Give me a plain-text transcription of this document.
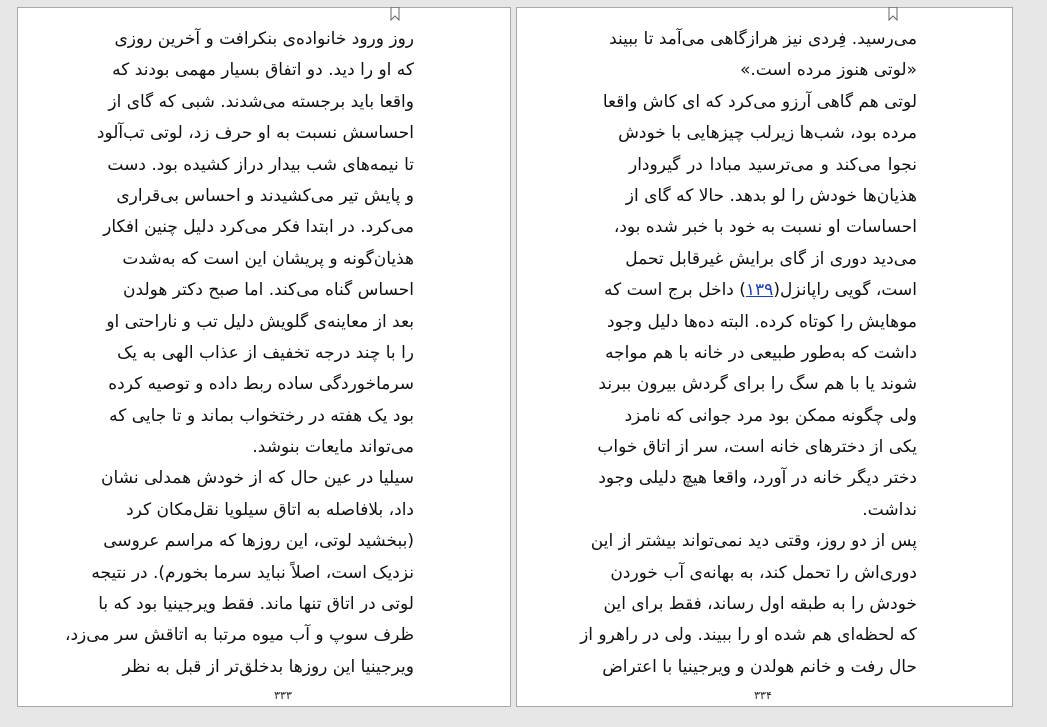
روز ورود خانواده‌ی بنکرافت و آخرین روزی
که او را دید. دو اتفاق بسیار مهمی بودند که
واقعا باید برجسته می‌شدند. شبی که گای از
احساسش نسبت به او حرف زد، لوتی تب‌آلود
تا نیمه‌های شب بیدار دراز کشیده بود. دست
و پایش تیر می‌کشیدند و احساس بی‌قراری
می‌کرد. در ابتدا فکر می‌کرد دلیل چنین افکار
هذیان‌گونه و پریشان این است که به‌شدت
احساس گناه می‌کند. اما صبح دکتر هولدن
بعد از معاینه‌ی گلویش دلیل تب و ناراحتی او
را با چند درجه تخفیف از عذاب الهی به یک
سرماخوردگی ساده ربط داده و توصیه کرده
بود یک هفته در رختخواب بماند و تا جایی که
می‌تواند مایعات بنوشد.
سیلیا در عین حال که از خودش همدلی نشان
داد، بلافاصله به اتاق سیلویا نقل‌مکان کرد
(ببخشید لوتی، این روزها که مراسم عروسی
نزدیک است، اصلاً نباید سرما بخورم). در نتیجه
لوتی در اتاق تنها ماند. فقط ویرجینیا بود که با
ظرف سوپ و آب میوه مرتبا به اتاقش سر می‌زد،
ویرجینیا این روزها بدخلق‌تر از قبل به نظر
۳۳۳
می‌رسید. فِردی نیز هرازگاهی می‌آمد تا ببیند
«لوتی هنوز مرده است.»
لوتی هم گاهی آرزو می‌کرد که ای کاش واقعا
مرده بود، شب‌ها زیرلب چیزهایی با خودش
نجوا می‌کند و می‌ترسید مبادا در گیرودار
هذیان‌ها خودش را لو بدهد. حالا که گای از
احساسات او نسبت به خود با خبر شده بود،
می‌دید دوری از گای برایش غیرقابل تحمل
است، گویی راپانزل(۱۳۹) داخل برج است که
موهایش را کوتاه کرده. البته ده‌ها دلیل وجود
داشت که به‌طور طبیعی در خانه با هم مواجه
شوند یا با هم سگ را برای گردش بیرون ببرند
ولی چگونه ممکن بود مرد جوانی که نامزد
یکی از دخترهای خانه است، سر از اتاق خواب
دختر دیگر خانه در آورد، واقعا هیچ دلیلی وجود
نداشت.
پس از دو روز، وقتی دید نمی‌تواند بیشتر از این
دوری‌اش را تحمل کند، به بهانه‌ی آب خوردن
خودش را به طبقه اول رساند، فقط برای این
که لحظه‌ای هم شده او را ببیند. ولی در راهرو از
حال رفت و خانم هولدن و ویرجینیا با اعتراض
۳۳۴
